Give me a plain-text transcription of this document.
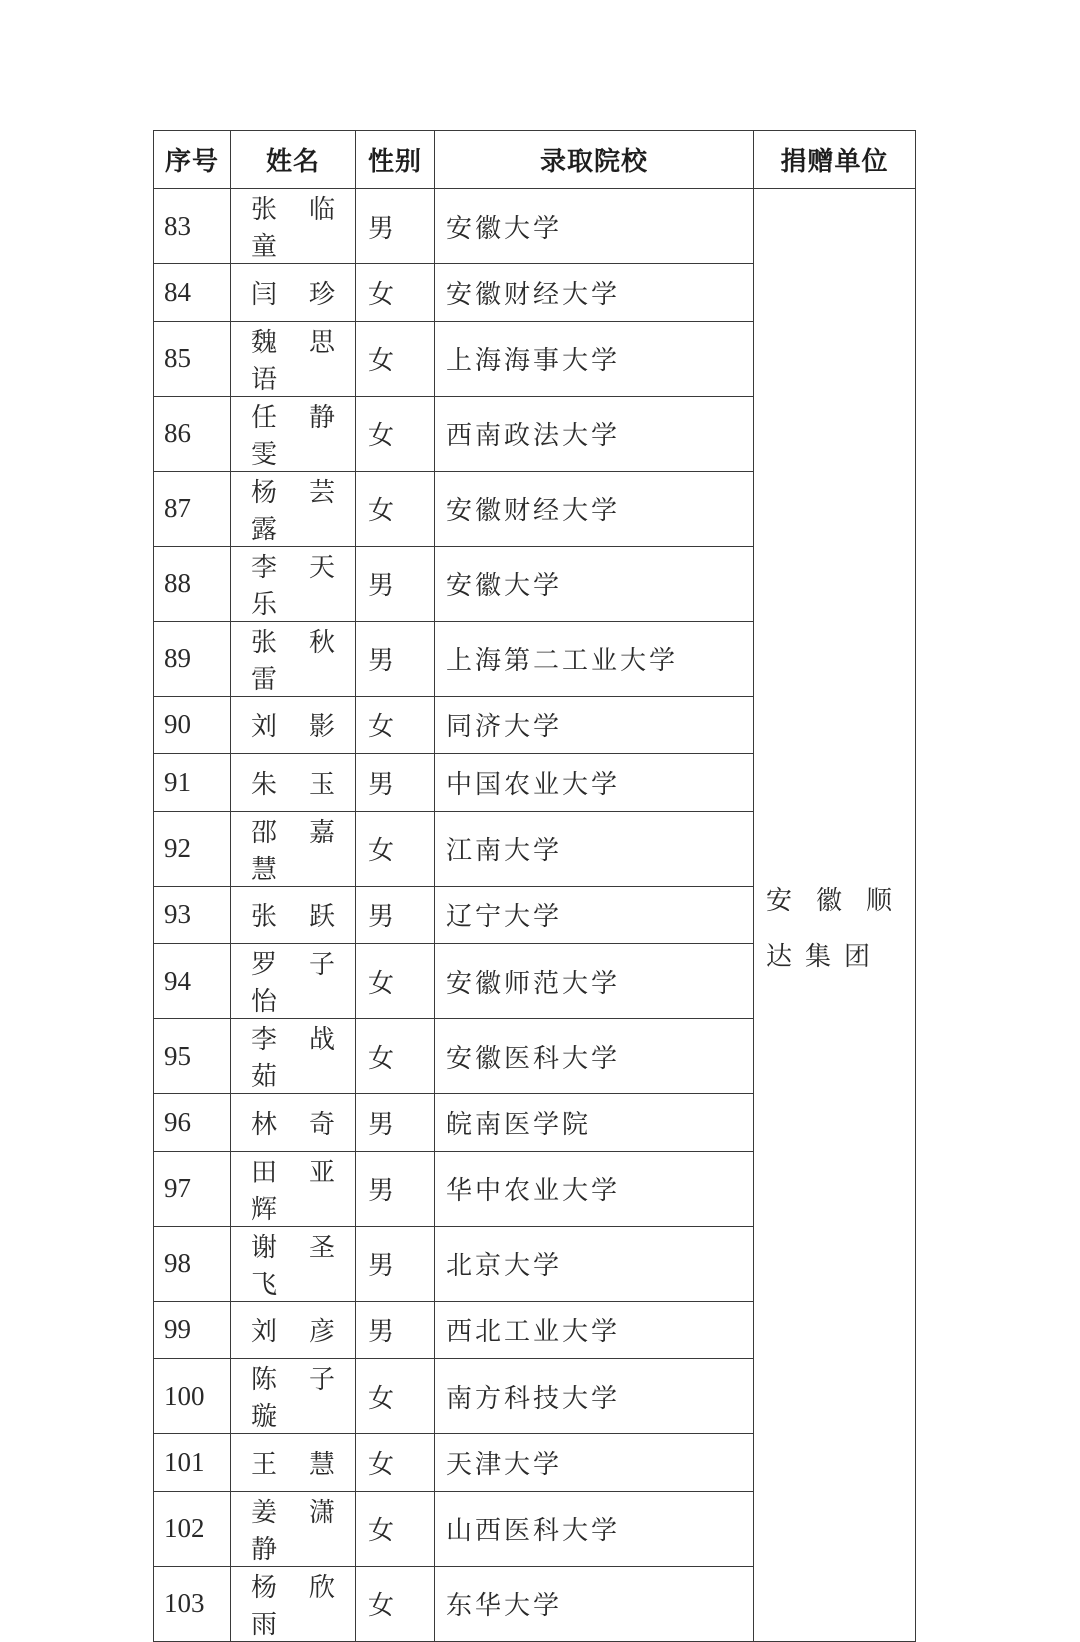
序号	姓名	性别	录取院校	捐赠单位
83	张 临 童	男	安徽大学	安徽顺达集团

84	闫 珍	女	安徽财经大学	
85	魏 思 语	女	上海海事大学	
86	任 静 雯	女	西南政法大学	
87	杨 芸 露	女	安徽财经大学	
88	李 天 乐	男	安徽大学	
89	张 秋 雷	男	上海第二工业大学	
90	刘 影	女	同济大学	
91	朱 玉	男	中国农业大学	
92	邵 嘉 慧	女	江南大学	
93	张 跃	男	辽宁大学	
94	罗 子 怡	女	安徽师范大学	
95	李 战 茹	女	安徽医科大学	
96	林 奇	男	皖南医学院	
97	田 亚 辉	男	华中农业大学	
98	谢 圣 飞	男	北京大学	
99	刘 彦	男	西北工业大学	
100	陈 子 璇	女	南方科技大学	
101	王 慧	女	天津大学	
102	姜 潇 静	女	山西医科大学	
103	杨 欣 雨	女	东华大学	
